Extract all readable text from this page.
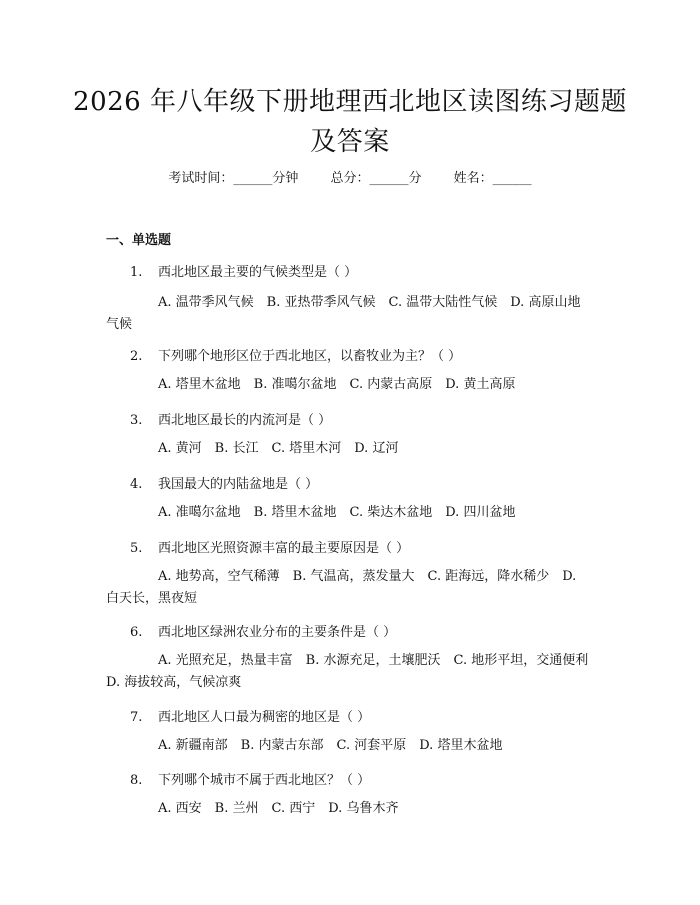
2026 年八年级下册地理西北地区读图练习题题及答案
考试时间：______分钟 总分：______分 姓名：______
一、单选题
1. 西北地区最主要的气候类型是（ ）
A. 温带季风气候　B. 亚热带季风气候　C. 温带大陆性气候　D. 高原山地气候
2. 下列哪个地形区位于西北地区，以畜牧业为主？（ ）
A. 塔里木盆地　B. 准噶尔盆地　C. 内蒙古高原　D. 黄土高原
3. 西北地区最长的内流河是（ ）
A. 黄河　B. 长江　C. 塔里木河　D. 辽河
4. 我国最大的内陆盆地是（ ）
A. 准噶尔盆地　B. 塔里木盆地　C. 柴达木盆地　D. 四川盆地
5. 西北地区光照资源丰富的最主要原因是（ ）
A. 地势高，空气稀薄　B. 气温高，蒸发量大　C. 距海远，降水稀少　D. 白天长，黑夜短
6. 西北地区绿洲农业分布的主要条件是（ ）
A. 光照充足，热量丰富　B. 水源充足，土壤肥沃　C. 地形平坦，交通便利　D. 海拔较高，气候凉爽
7. 西北地区人口最为稠密的地区是（ ）
A. 新疆南部　B. 内蒙古东部　C. 河套平原　D. 塔里木盆地
8. 下列哪个城市不属于西北地区？（ ）
A. 西安　B. 兰州　C. 西宁　D. 乌鲁木齐
